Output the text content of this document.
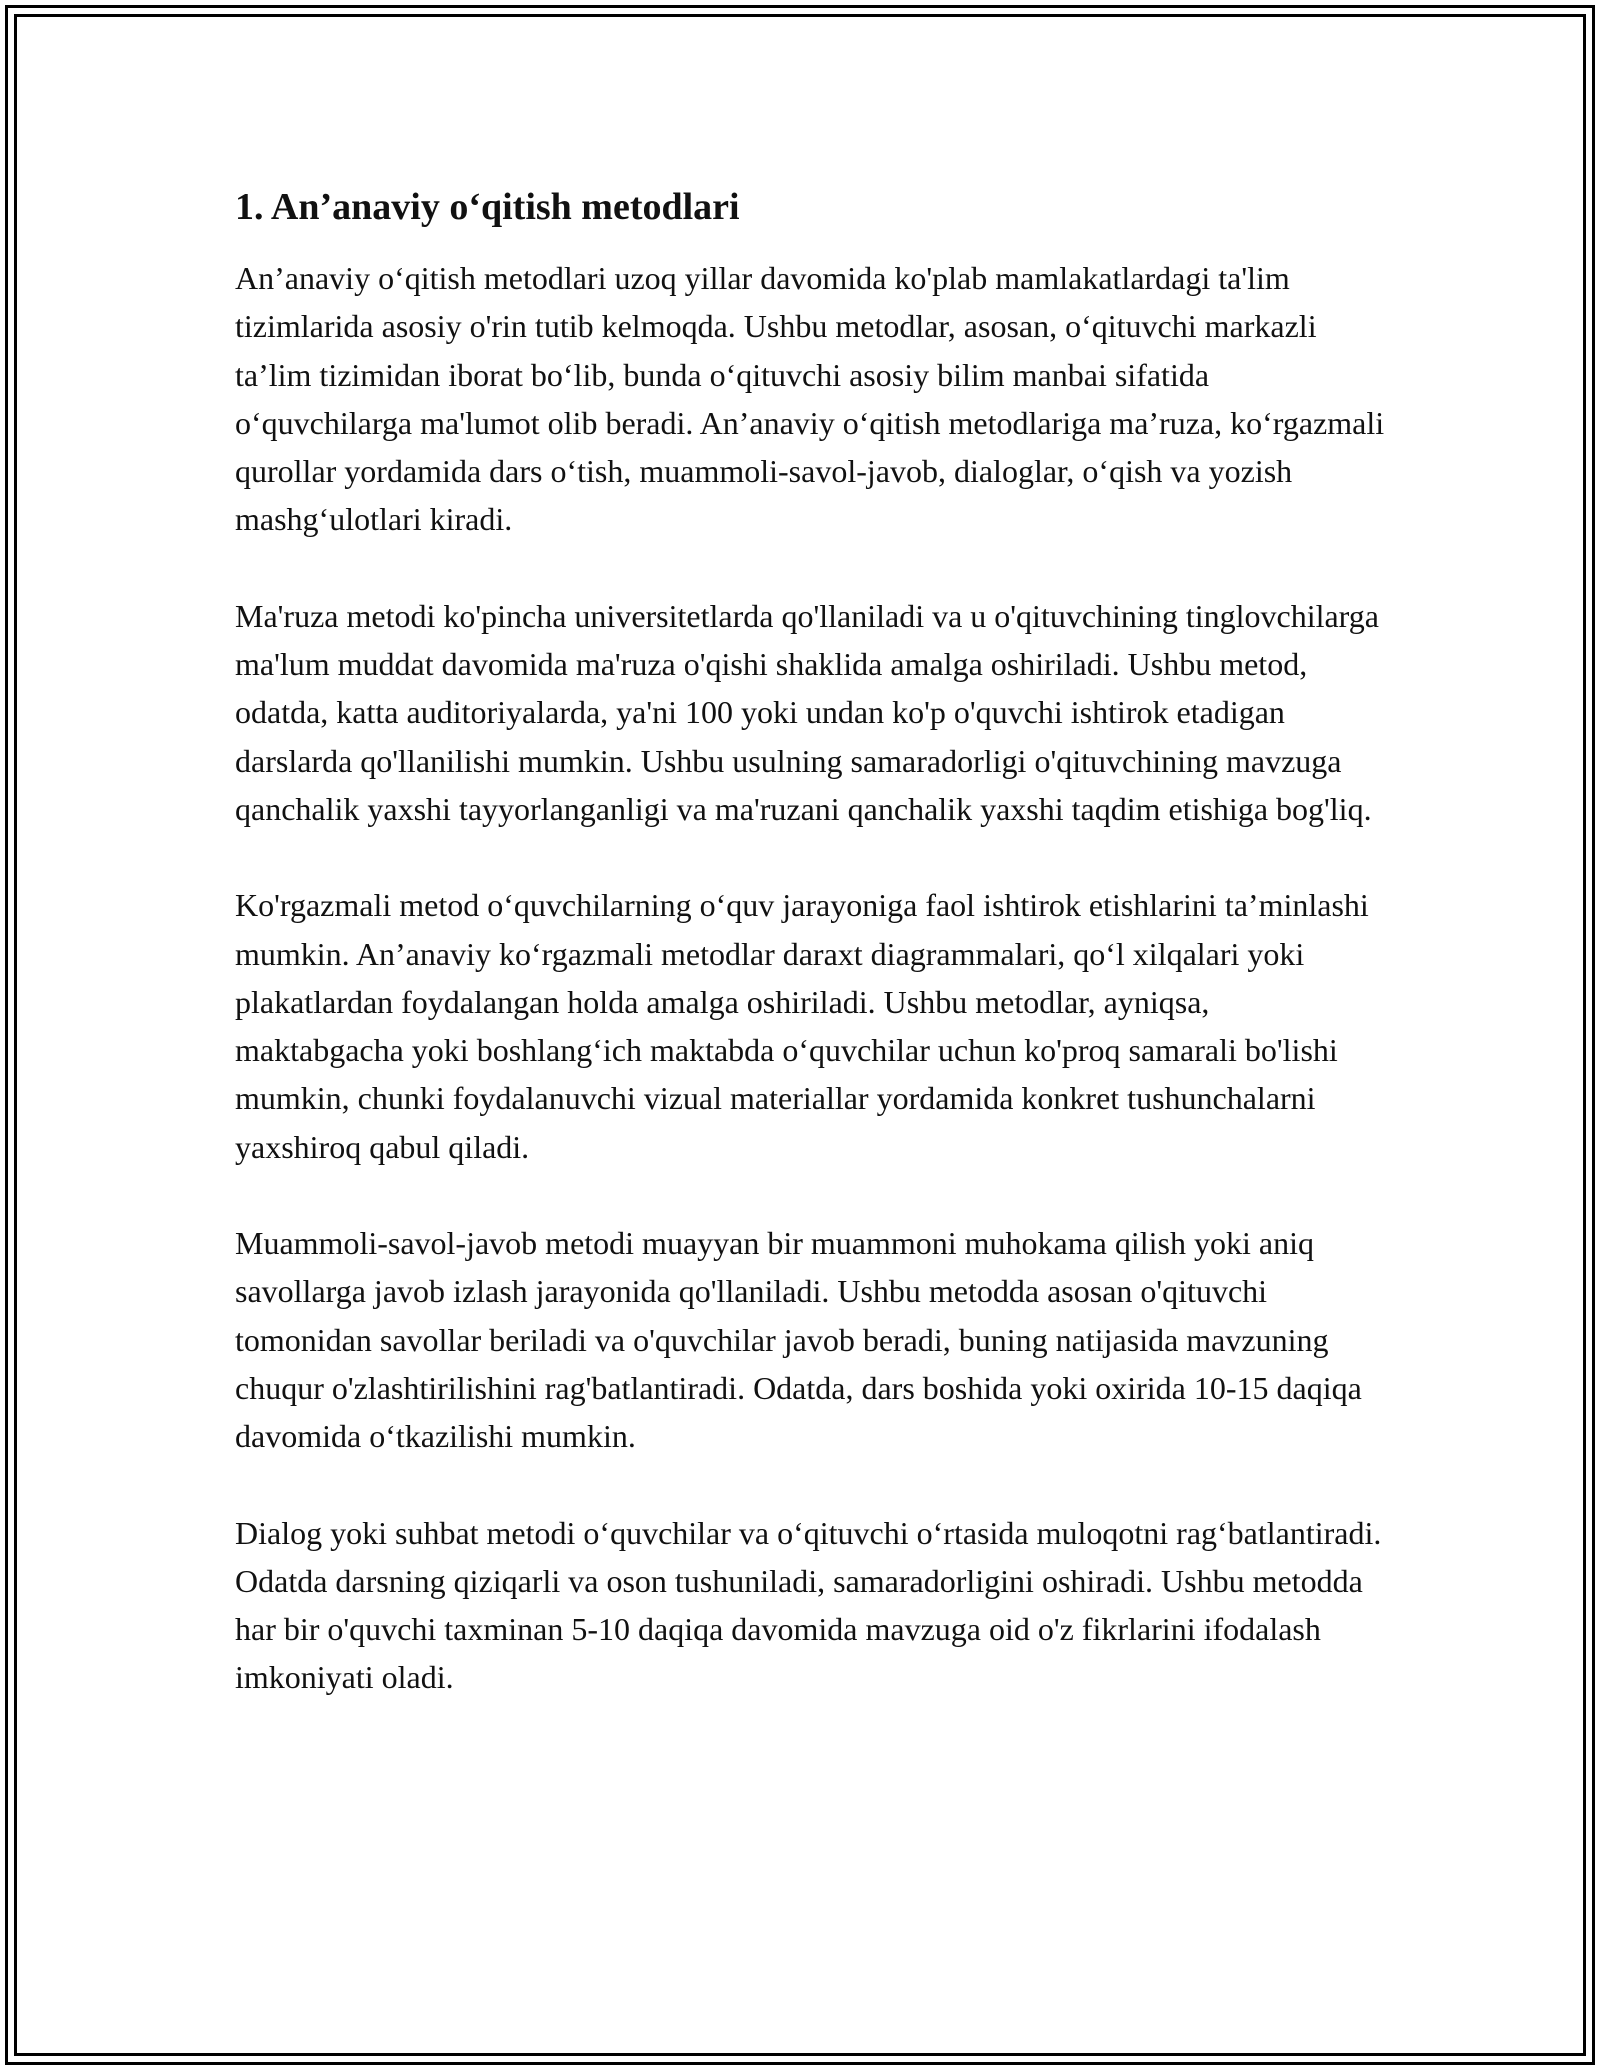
1. An’anaviy o‘qitish metodlari

An’anaviy o‘qitish metodlari uzoq yillar davomida ko'plab mamlakatlardagi ta'lim tizimlarida asosiy o'rin tutib kelmoqda. Ushbu metodlar, asosan, o‘qituvchi markazli ta’lim tizimidan iborat bo‘lib, bunda o‘qituvchi asosiy bilim manbai sifatida o‘quvchilarga ma'lumot olib beradi. An’anaviy o‘qitish metodlariga ma’ruza, ko‘rgazmali qurollar yordamida dars o‘tish, muammoli-savol-javob, dialoglar, o‘qish va yozish mashg‘ulotlari kiradi.

Ma'ruza metodi ko'pincha universitetlarda qo'llaniladi va u o'qituvchining tinglovchilarga ma'lum muddat davomida ma'ruza o'qishi shaklida amalga oshiriladi. Ushbu metod, odatda, katta auditoriyalarda, ya'ni 100 yoki undan ko'p o'quvchi ishtirok etadigan darslarda qo'llanilishi mumkin. Ushbu usulning samaradorligi o'qituvchining mavzuga qanchalik yaxshi tayyorlanganligi va ma'ruzani qanchalik yaxshi taqdim etishiga bog'liq.

Ko'rgazmali metod o‘quvchilarning o‘quv jarayoniga faol ishtirok etishlarini ta’minlashi mumkin. An’anaviy ko‘rgazmali metodlar daraxt diagrammalari, qo‘l xilqalari yoki plakatlardan foydalangan holda amalga oshiriladi. Ushbu metodlar, ayniqsa, maktabgacha yoki boshlang‘ich maktabda o‘quvchilar uchun ko'proq samarali bo'lishi mumkin, chunki foydalanuvchi vizual materiallar yordamida konkret tushunchalarni yaxshiroq qabul qiladi.

Muammoli-savol-javob metodi muayyan bir muammoni muhokama qilish yoki aniq savollarga javob izlash jarayonida qo'llaniladi. Ushbu metodda asosan o'qituvchi tomonidan savollar beriladi va o'quvchilar javob beradi, buning natijasida mavzuning chuqur o'zlashtirilishini rag'batlantiradi. Odatda, dars boshida yoki oxirida 10-15 daqiqa davomida o‘tkazilishi mumkin.

Dialog yoki suhbat metodi o‘quvchilar va o‘qituvchi o‘rtasida muloqotni rag‘batlantiradi. Odatda darsning qiziqarli va oson tushuniladi, samaradorligini oshiradi. Ushbu metodda har bir o'quvchi taxminan 5-10 daqiqa davomida mavzuga oid o'z fikrlarini ifodalash imkoniyati oladi.
